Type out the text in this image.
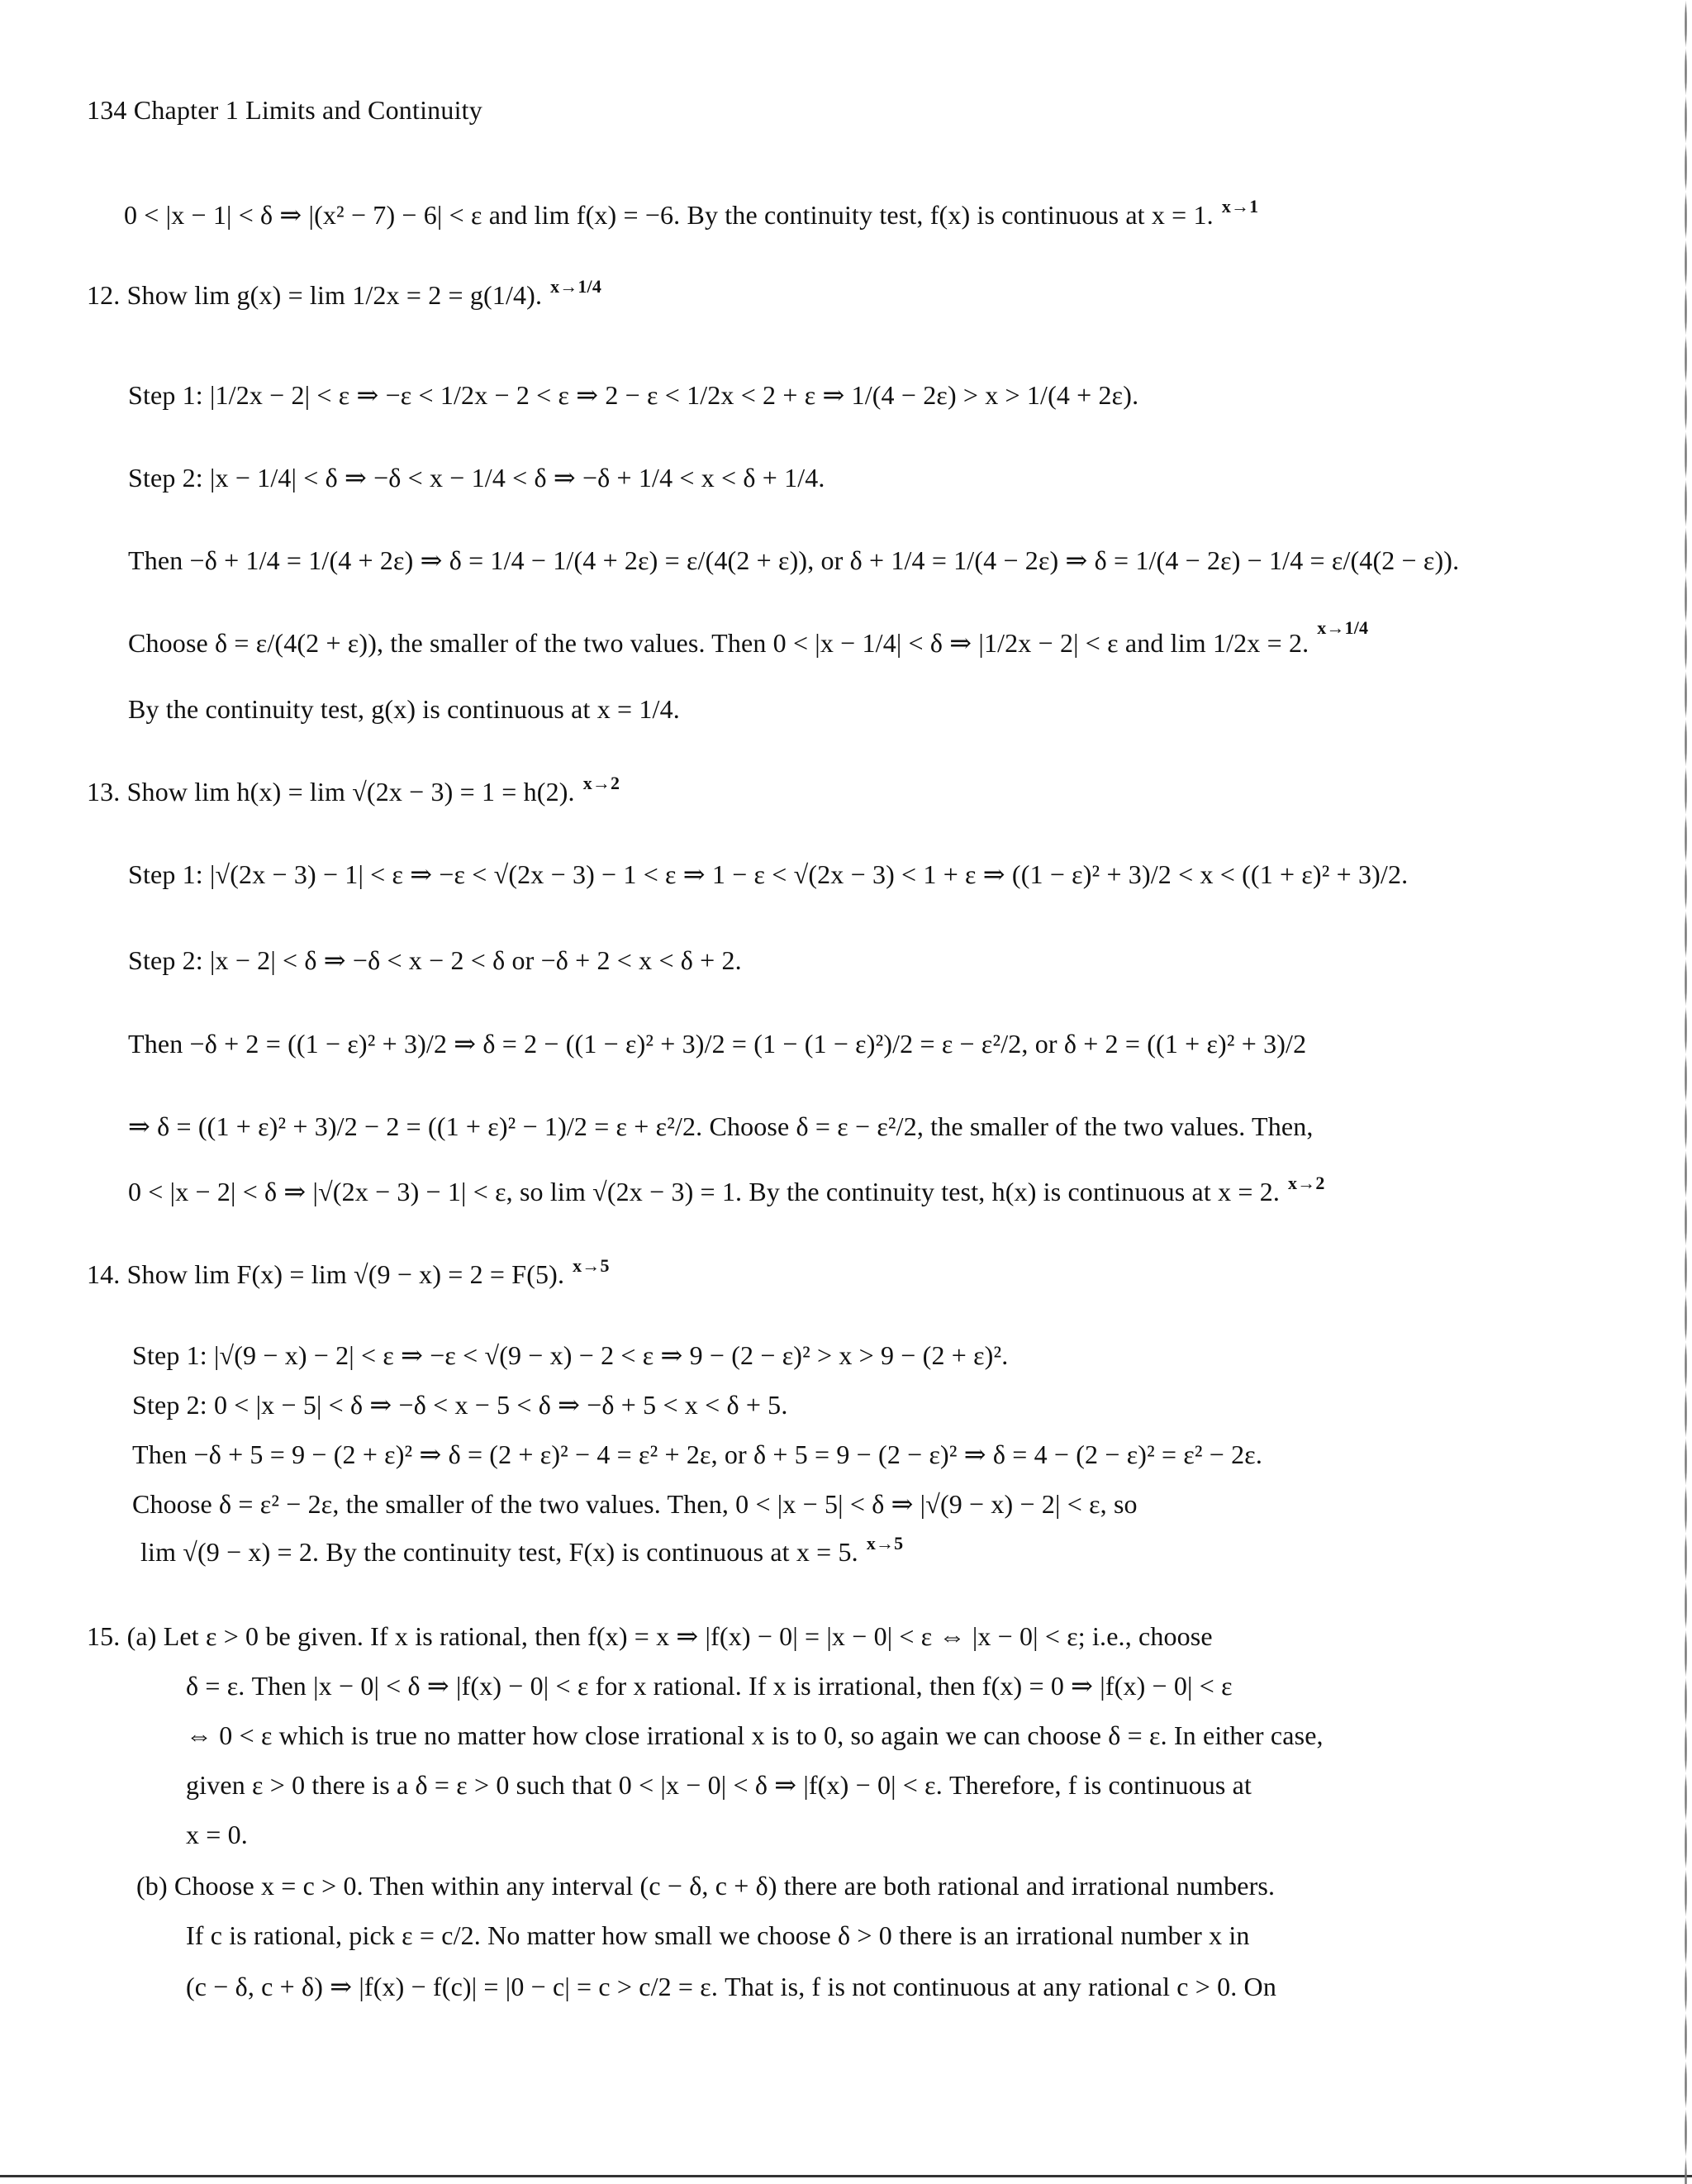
134 Chapter 1 Limits and Continuity
0 < |x − 1| < δ ⇒ |(x² − 7) − 6| < ε and lim f(x) = −6. By the continuity test, f(x) is continuous at x = 1. x→1
12. Show lim g(x) = lim 1/2x = 2 = g(1/4). x→1/4
Step 1: |1/2x − 2| < ε ⇒ −ε < 1/2x − 2 < ε ⇒ 2 − ε < 1/2x < 2 + ε ⇒ 1/(4 − 2ε) > x > 1/(4 + 2ε).
Step 2: |x − 1/4| < δ ⇒ −δ < x − 1/4 < δ ⇒ −δ + 1/4 < x < δ + 1/4.
Then −δ + 1/4 = 1/(4 + 2ε) ⇒ δ = 1/4 − 1/(4 + 2ε) = ε/(4(2 + ε)), or δ + 1/4 = 1/(4 − 2ε) ⇒ δ = 1/(4 − 2ε) − 1/4 = ε/(4(2 − ε)).
Choose δ = ε/(4(2 + ε)), the smaller of the two values. Then 0 < |x − 1/4| < δ ⇒ |1/2x − 2| < ε and lim 1/2x = 2.
x→1/4
By the continuity test, g(x) is continuous at x = 1/4.
13. Show lim h(x) = lim √(2x − 3) = 1 = h(2). x→2
Step 1: |√(2x − 3) − 1| < ε ⇒ −ε < √(2x − 3) − 1 < ε ⇒ 1 − ε < √(2x − 3) < 1 + ε ⇒ ((1 − ε)² + 3)/2 < x < ((1 + ε)² + 3)/2.
Step 2: |x − 2| < δ ⇒ −δ < x − 2 < δ or −δ + 2 < x < δ + 2.
Then −δ + 2 = ((1 − ε)² + 3)/2 ⇒ δ = 2 − ((1 − ε)² + 3)/2 = (1 − (1 − ε)²)/2 = ε − ε²/2, or δ + 2 = ((1 + ε)² + 3)/2
⇒ δ = ((1 + ε)² + 3)/2 − 2 = ((1 + ε)² − 1)/2 = ε + ε²/2. Choose δ = ε − ε²/2, the smaller of the two values. Then,
0 < |x − 2| < δ ⇒ |√(2x − 3) − 1| < ε, so lim √(2x − 3) = 1. By the continuity test, h(x) is continuous at x = 2. x→2
14. Show lim F(x) = lim √(9 − x) = 2 = F(5). x→5
Step 1: |√(9 − x) − 2| < ε ⇒ −ε < √(9 − x) − 2 < ε ⇒ 9 − (2 − ε)² > x > 9 − (2 + ε)².
Step 2: 0 < |x − 5| < δ ⇒ −δ < x − 5 < δ ⇒ −δ + 5 < x < δ + 5.
Then −δ + 5 = 9 − (2 + ε)² ⇒ δ = (2 + ε)² − 4 = ε² + 2ε, or δ + 5 = 9 − (2 − ε)² ⇒ δ = 4 − (2 − ε)² = ε² − 2ε.
Choose δ = ε² − 2ε, the smaller of the two values. Then, 0 < |x − 5| < δ ⇒ |√(9 − x) − 2| < ε, so
lim √(9 − x) = 2. By the continuity test, F(x) is continuous at x = 5. x→5
15. (a) Let ε > 0 be given. If x is rational, then f(x) = x ⇒ |f(x) − 0| = |x − 0| < ε ⇔ |x − 0| < ε; i.e., choose
δ = ε. Then |x − 0| < δ ⇒ |f(x) − 0| < ε for x rational. If x is irrational, then f(x) = 0 ⇒ |f(x) − 0| < ε
⇔ 0 < ε which is true no matter how close irrational x is to 0, so again we can choose δ = ε. In either case,
given ε > 0 there is a δ = ε > 0 such that 0 < |x − 0| < δ ⇒ |f(x) − 0| < ε. Therefore, f is continuous at
x = 0.
(b) Choose x = c > 0. Then within any interval (c − δ, c + δ) there are both rational and irrational numbers.
If c is rational, pick ε = c/2. No matter how small we choose δ > 0 there is an irrational number x in
(c − δ, c + δ) ⇒ |f(x) − f(c)| = |0 − c| = c > c/2 = ε. That is, f is not continuous at any rational c > 0. On
